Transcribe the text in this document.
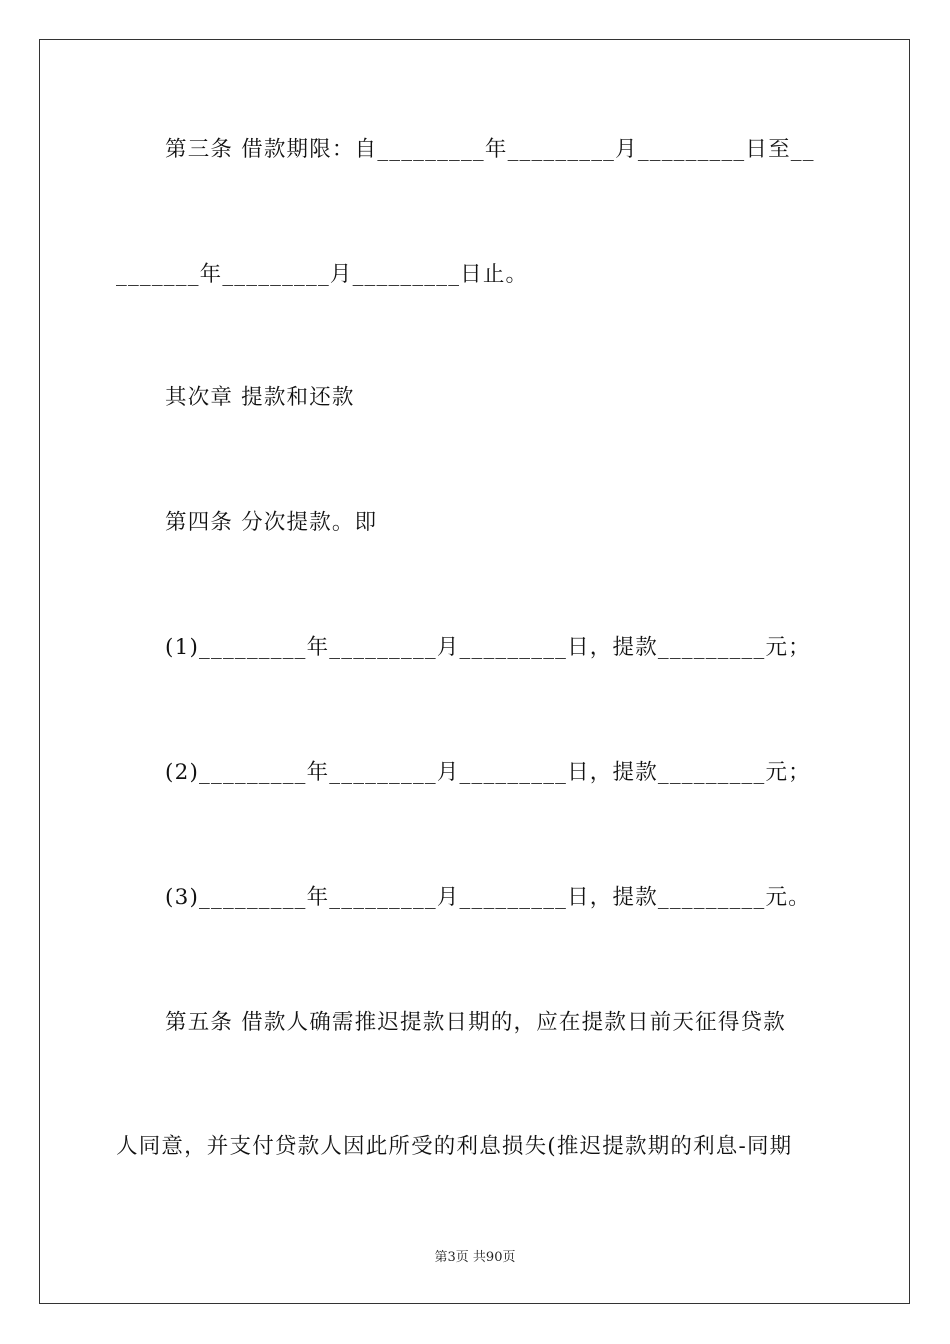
第三条 借款期限：自_________年_________月_________日至__
_______年_________月_________日止。
其次章 提款和还款
第四条 分次提款。即
(1)_________年_________月_________日，提款_________元；
(2)_________年_________月_________日，提款_________元；
(3)_________年_________月_________日，提款_________元。
第五条 借款人确需推迟提款日期的，应在提款日前天征得贷款
人同意，并支付贷款人因此所受的利息损失(推迟提款期的利息-同期
第3页 共90页
